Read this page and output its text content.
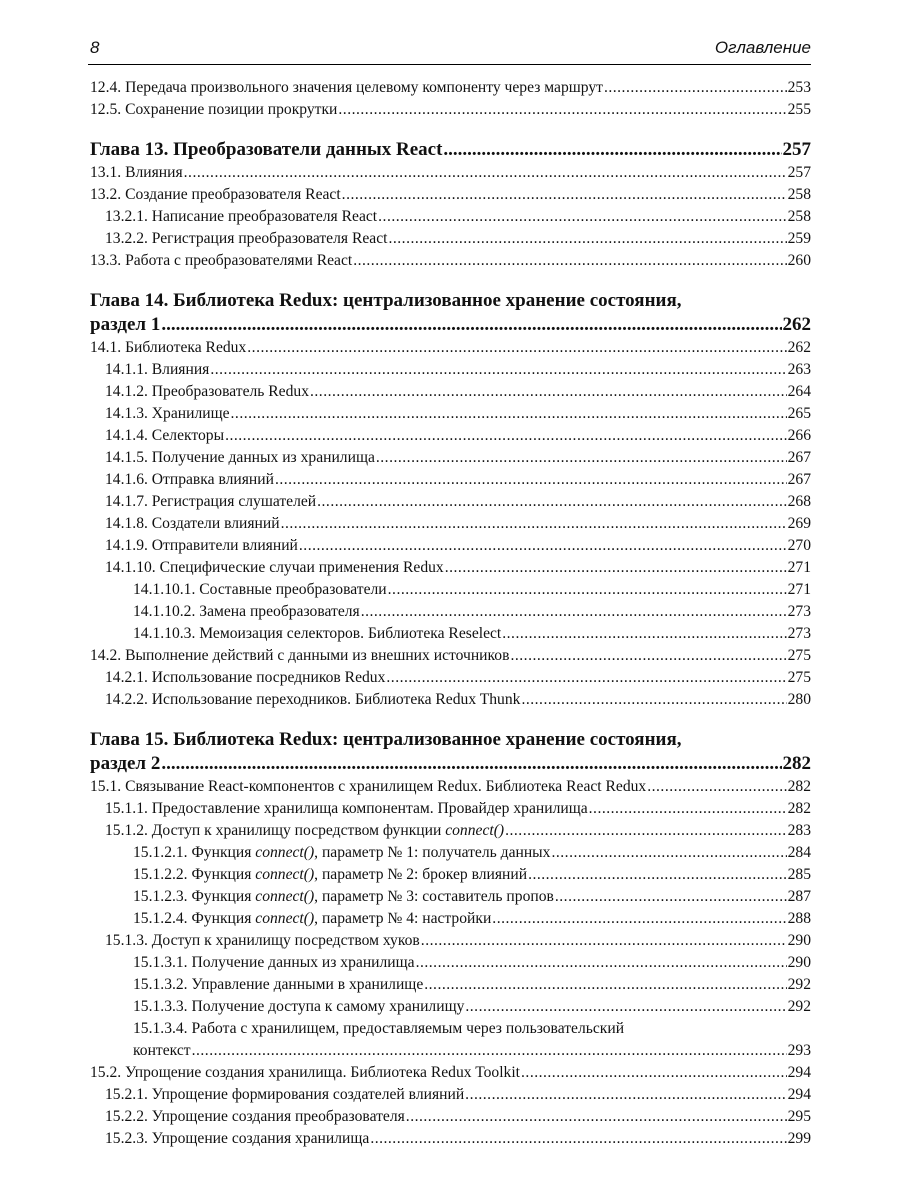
8	Оглавление
12.4. Передача произвольного значения целевому компоненту через маршрут .....	253
12.5. Сохранение позиции прокрутки .....	255
Глава 13. Преобразователи данных React .....	257
13.1. Влияния .....	257
13.2. Создание преобразователя React .....	258
13.2.1. Написание преобразователя React .....	258
13.2.2. Регистрация преобразователя React .....	259
13.3. Работа с преобразователями React .....	260
Глава 14. Библиотека Redux: централизованное хранение состояния,
раздел 1 .....	262
14.1. Библиотека Redux .....	262
14.1.1. Влияния .....	263
14.1.2. Преобразователь Redux .....	264
14.1.3. Хранилище .....	265
14.1.4. Селекторы .....	266
14.1.5. Получение данных из хранилища .....	267
14.1.6. Отправка влияний .....	267
14.1.7. Регистрация слушателей .....	268
14.1.8. Создатели влияний .....	269
14.1.9. Отправители влияний .....	270
14.1.10. Специфические случаи применения Redux .....	271
14.1.10.1. Составные преобразователи .....	271
14.1.10.2. Замена преобразователя .....	273
14.1.10.3. Мемоизация селекторов. Библиотека Reselect .....	273
14.2. Выполнение действий с данными из внешних источников .....	275
14.2.1. Использование посредников Redux .....	275
14.2.2. Использование переходников. Библиотека Redux Thunk .....	280
Глава 15. Библиотека Redux: централизованное хранение состояния,
раздел 2 .....	282
15.1. Связывание React-компонентов с хранилищем Redux. Библиотека React Redux .....	282
15.1.1. Предоставление хранилища компонентам. Провайдер хранилища .....	282
15.1.2. Доступ к хранилищу посредством функции connect() .....	283
15.1.2.1. Функция connect(), параметр № 1: получатель данных .....	284
15.1.2.2. Функция connect(), параметр № 2: брокер влияний .....	285
15.1.2.3. Функция connect(), параметр № 3: составитель пропов .....	287
15.1.2.4. Функция connect(), параметр № 4: настройки .....	288
15.1.3. Доступ к хранилищу посредством хуков .....	290
15.1.3.1. Получение данных из хранилища .....	290
15.1.3.2. Управление данными в хранилище .....	292
15.1.3.3. Получение доступа к самому хранилищу .....	292
15.1.3.4. Работа с хранилищем, предоставляемым через пользовательский
контекст .....	293
15.2. Упрощение создания хранилища. Библиотека Redux Toolkit .....	294
15.2.1. Упрощение формирования создателей влияний .....	294
15.2.2. Упрощение создания преобразователя .....	295
15.2.3. Упрощение создания хранилища .....	299
